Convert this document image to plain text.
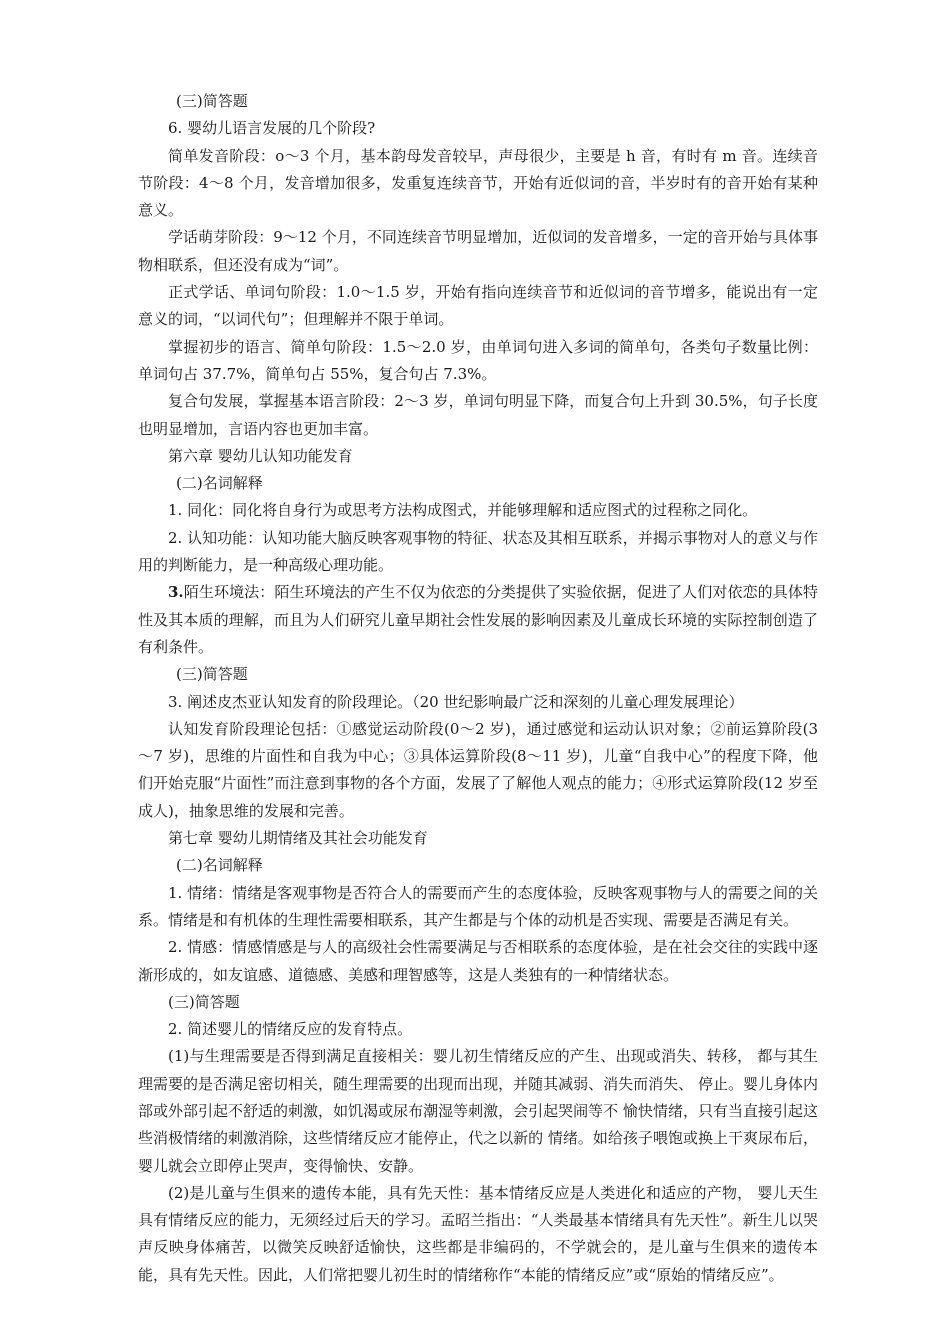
(三)简答题

6. 婴幼儿语言发展的几个阶段?

简单发音阶段：o～3 个月，基本韵母发音较早，声母很少，主要是 h 音，有时有 m 音。连续音节阶段：4～8 个月，发音增加很多，发重复连续音节，开始有近似词的音，半岁时有的音开始有某种意义。

学话萌芽阶段：9～12 个月，不同连续音节明显增加，近似词的发音增多，一定的音开始与具体事物相联系，但还没有成为“词”。

正式学话、单词句阶段：1.0～1.5 岁，开始有指向连续音节和近似词的音节增多，能说出有一定意义的词，“以词代句”；但理解并不限于单词。

掌握初步的语言、简单句阶段：1.5～2.0 岁，由单词句进入多词的简单句，各类句子数量比例：单词句占 37.7%，简单句占 55%，复合句占 7.3%。

复合句发展，掌握基本语言阶段：2～3 岁，单词句明显下降，而复合句上升到 30.5%，句子长度也明显增加，言语内容也更加丰富。

第六章 婴幼儿认知功能发育

(二)名词解释

1. 同化：同化将自身行为或思考方法构成图式，并能够理解和适应图式的过程称之同化。

2. 认知功能：认知功能大脑反映客观事物的特征、状态及其相互联系，并揭示事物对人的意义与作用的判断能力，是一种高级心理功能。

3.陌生环境法：陌生环境法的产生不仅为依恋的分类提供了实验依据，促进了人们对依恋的具体特性及其本质的理解，而且为人们研究儿童早期社会性发展的影响因素及儿童成长环境的实际控制创造了有利条件。

(三)简答题

3. 阐述皮杰亚认知发育的阶段理论。（20 世纪影响最广泛和深刻的儿童心理发展理论）

认知发育阶段理论包括：①感觉运动阶段(0～2 岁)，通过感觉和运动认识对象；②前运算阶段(3～7 岁)，思维的片面性和自我为中心；③具体运算阶段(8～11 岁)，儿童“自我中心”的程度下降，他们开始克服“片面性”而注意到事物的各个方面，发展了了解他人观点的能力；④形式运算阶段(12 岁至成人)，抽象思维的发展和完善。

第七章 婴幼儿期情绪及其社会功能发育

(二)名词解释

1. 情绪：情绪是客观事物是否符合人的需要而产生的态度体验，反映客观事物与人的需要之间的关系。情绪是和有机体的生理性需要相联系，其产生都是与个体的动机是否实现、需要是否满足有关。

2. 情感：情感情感是与人的高级社会性需要满足与否相联系的态度体验，是在社会交往的实践中逐渐形成的，如友谊感、道德感、美感和理智感等，这是人类独有的一种情绪状态。

(三)简答题

2. 简述婴儿的情绪反应的发育特点。

(1)与生理需要是否得到满足直接相关：婴儿初生情绪反应的产生、出现或消失、转移， 都与其生理需要的是否满足密切相关，随生理需要的出现而出现，并随其减弱、消失而消失、 停止。婴儿身体内部或外部引起不舒适的刺激，如饥渴或尿布潮湿等刺激，会引起哭闹等不 愉快情绪，只有当直接引起这些消极情绪的刺激消除，这些情绪反应才能停止，代之以新的 情绪。如给孩子喂饱或换上干爽尿布后，婴儿就会立即停止哭声，变得愉快、安静。

(2)是儿童与生俱来的遗传本能，具有先天性：基本情绪反应是人类进化和适应的产物， 婴儿天生具有情绪反应的能力，无须经过后天的学习。孟昭兰指出：“人类最基本情绪具有先天性”。新生儿以哭声反映身体痛苦，以微笑反映舒适愉快，这些都是非编码的，不学就会的，是儿童与生俱来的遗传本能，具有先天性。因此，人们常把婴儿初生时的情绪称作“本能的情绪反应”或“原始的情绪反应”。
